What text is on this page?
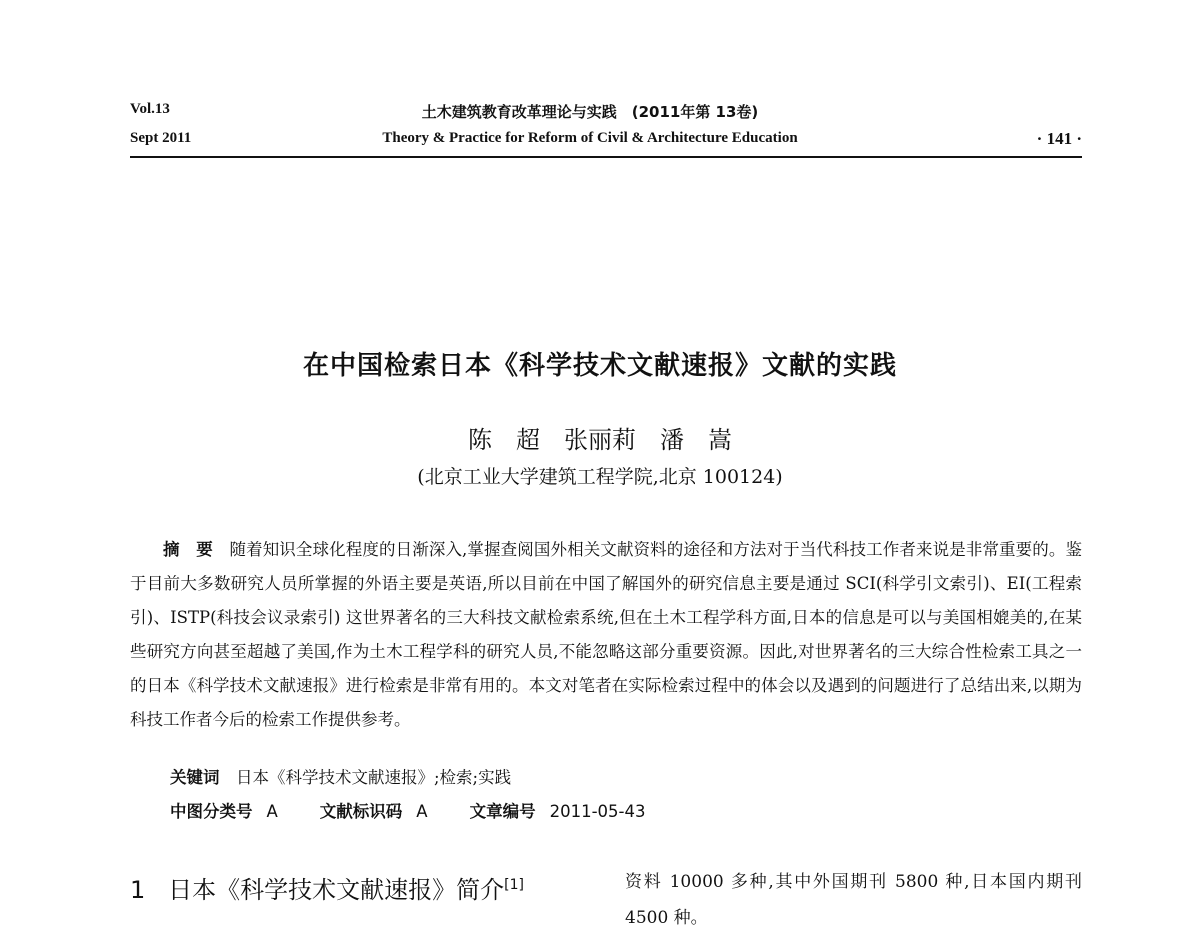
Vol.13
Sept 2011
土木建筑教育改革理论与实践　(2011年第 13卷)
Theory & Practice for Reform of Civil & Architecture Education	· 141 ·
在中国检索日本《科学技术文献速报》文献的实践
陈　超　张丽莉　潘　嵩
(北京工业大学建筑工程学院,北京 100124)
摘　要　 随着知识全球化程度的日渐深入,掌握查阅国外相关文献资料的途径和方法对于当代科技工作者来说是非常重要的。鉴于目前大多数研究人员所掌握的外语主要是英语,所以目前在中国了解国外的研究信息主要是通过 SCI(科学引文索引)、EI(工程索引)、ISTP(科技会议录索引) 这世界著名的三大科技文献检索系统,但在土木工程学科方面,日本的信息是可以与美国相媲美的,在某些研究方向甚至超越了美国,作为土木工程学科的研究人员,不能忽略这部分重要资源。因此,对世界著名的三大综合性检索工具之一的日本《科学技术文献速报》进行检索是非常有用的。本文对笔者在实际检索过程中的体会以及遇到的问题进行了总结出来,以期为科技工作者今后的检索工作提供参考。
关键词　 日本《科学技术文献速报》;检索;实践
中图分类号 A	文献标识码 A	文章编号 2011-05-43
1 日本《科学技术文献速报》简介[1]	资料 10000 多种,其中外国期刊 5800 种,日本国内期刊 4500 种。
